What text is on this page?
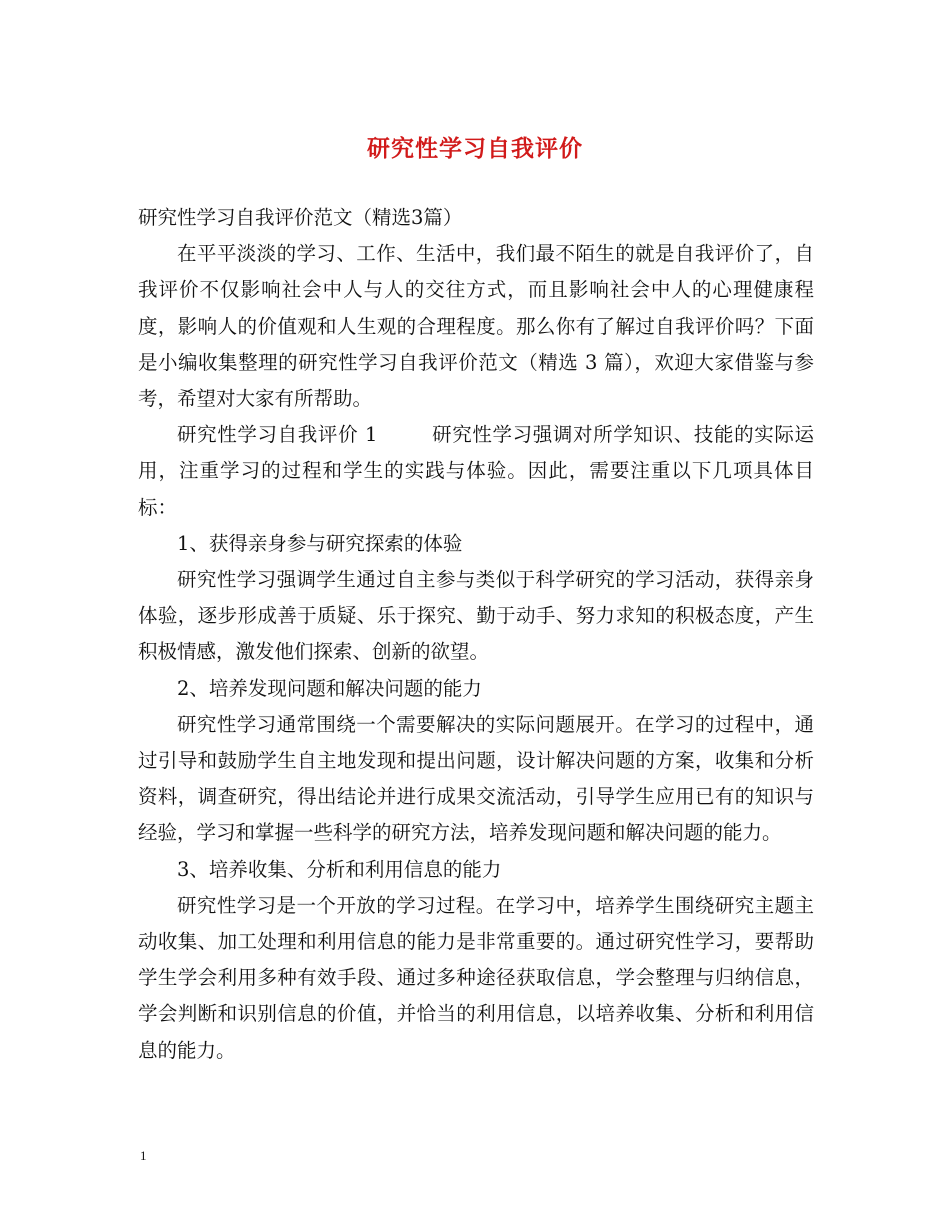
研究性学习自我评价

研究性学习自我评价范文（精选3篇）

在平平淡淡的学习、工作、生活中，我们最不陌生的就是自我评价了，自我评价不仅影响社会中人与人的交往方式，而且影响社会中人的心理健康程度，影响人的价值观和人生观的合理程度。那么你有了解过自我评价吗？下面是小编收集整理的研究性学习自我评价范文（精选 3 篇），欢迎大家借鉴与参考，希望对大家有所帮助。

研究性学习自我评价 1	研究性学习强调对所学知识、技能的实际运用，注重学习的过程和学生的实践与体验。因此，需要注重以下几项具体目标：

1、获得亲身参与研究探索的体验

研究性学习强调学生通过自主参与类似于科学研究的学习活动，获得亲身体验，逐步形成善于质疑、乐于探究、勤于动手、努力求知的积极态度，产生积极情感，激发他们探索、创新的欲望。

2、培养发现问题和解决问题的能力

研究性学习通常围绕一个需要解决的实际问题展开。在学习的过程中，通过引导和鼓励学生自主地发现和提出问题，设计解决问题的方案，收集和分析资料，调查研究，得出结论并进行成果交流活动，引导学生应用已有的知识与经验，学习和掌握一些科学的研究方法，培养发现问题和解决问题的能力。

3、培养收集、分析和利用信息的能力

研究性学习是一个开放的学习过程。在学习中，培养学生围绕研究主题主动收集、加工处理和利用信息的能力是非常重要的。通过研究性学习，要帮助学生学会利用多种有效手段、通过多种途径获取信息，学会整理与归纳信息，学会判断和识别信息的价值，并恰当的利用信息，以培养收集、分析和利用信息的能力。

1
